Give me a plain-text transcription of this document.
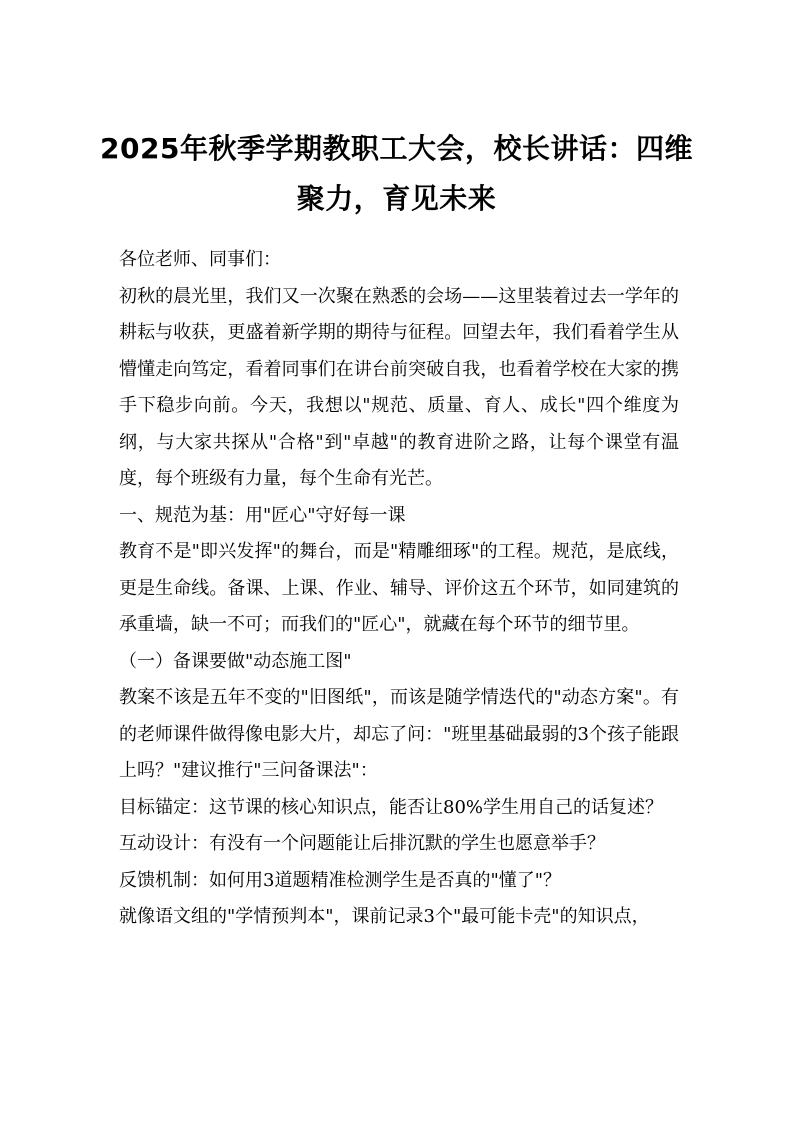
2025年秋季学期教职工大会，校长讲话：四维聚力，育见未来

各位老师、同事们：

初秋的晨光里，我们又一次聚在熟悉的会场——这里装着过去一学年的耕耘与收获，更盛着新学期的期待与征程。回望去年，我们看着学生从懵懂走向笃定，看着同事们在讲台前突破自我，也看着学校在大家的携手下稳步向前。今天，我想以"规范、质量、育人、成长"四个维度为纲，与大家共探从"合格"到"卓越"的教育进阶之路，让每个课堂有温度，每个班级有力量，每个生命有光芒。

一、规范为基：用"匠心"守好每一课

教育不是"即兴发挥"的舞台，而是"精雕细琢"的工程。规范，是底线，更是生命线。备课、上课、作业、辅导、评价这五个环节，如同建筑的承重墙，缺一不可；而我们的"匠心"，就藏在每个环节的细节里。

（一）备课要做"动态施工图"

教案不该是五年不变的"旧图纸"，而该是随学情迭代的"动态方案"。有的老师课件做得像电影大片，却忘了问："班里基础最弱的3个孩子能跟上吗？"建议推行"三问备课法"：

目标锚定：这节课的核心知识点，能否让80%学生用自己的话复述？

互动设计：有没有一个问题能让后排沉默的学生也愿意举手？

反馈机制：如何用3道题精准检测学生是否真的"懂了"？

就像语文组的"学情预判本"，课前记录3个"最可能卡壳"的知识点，
